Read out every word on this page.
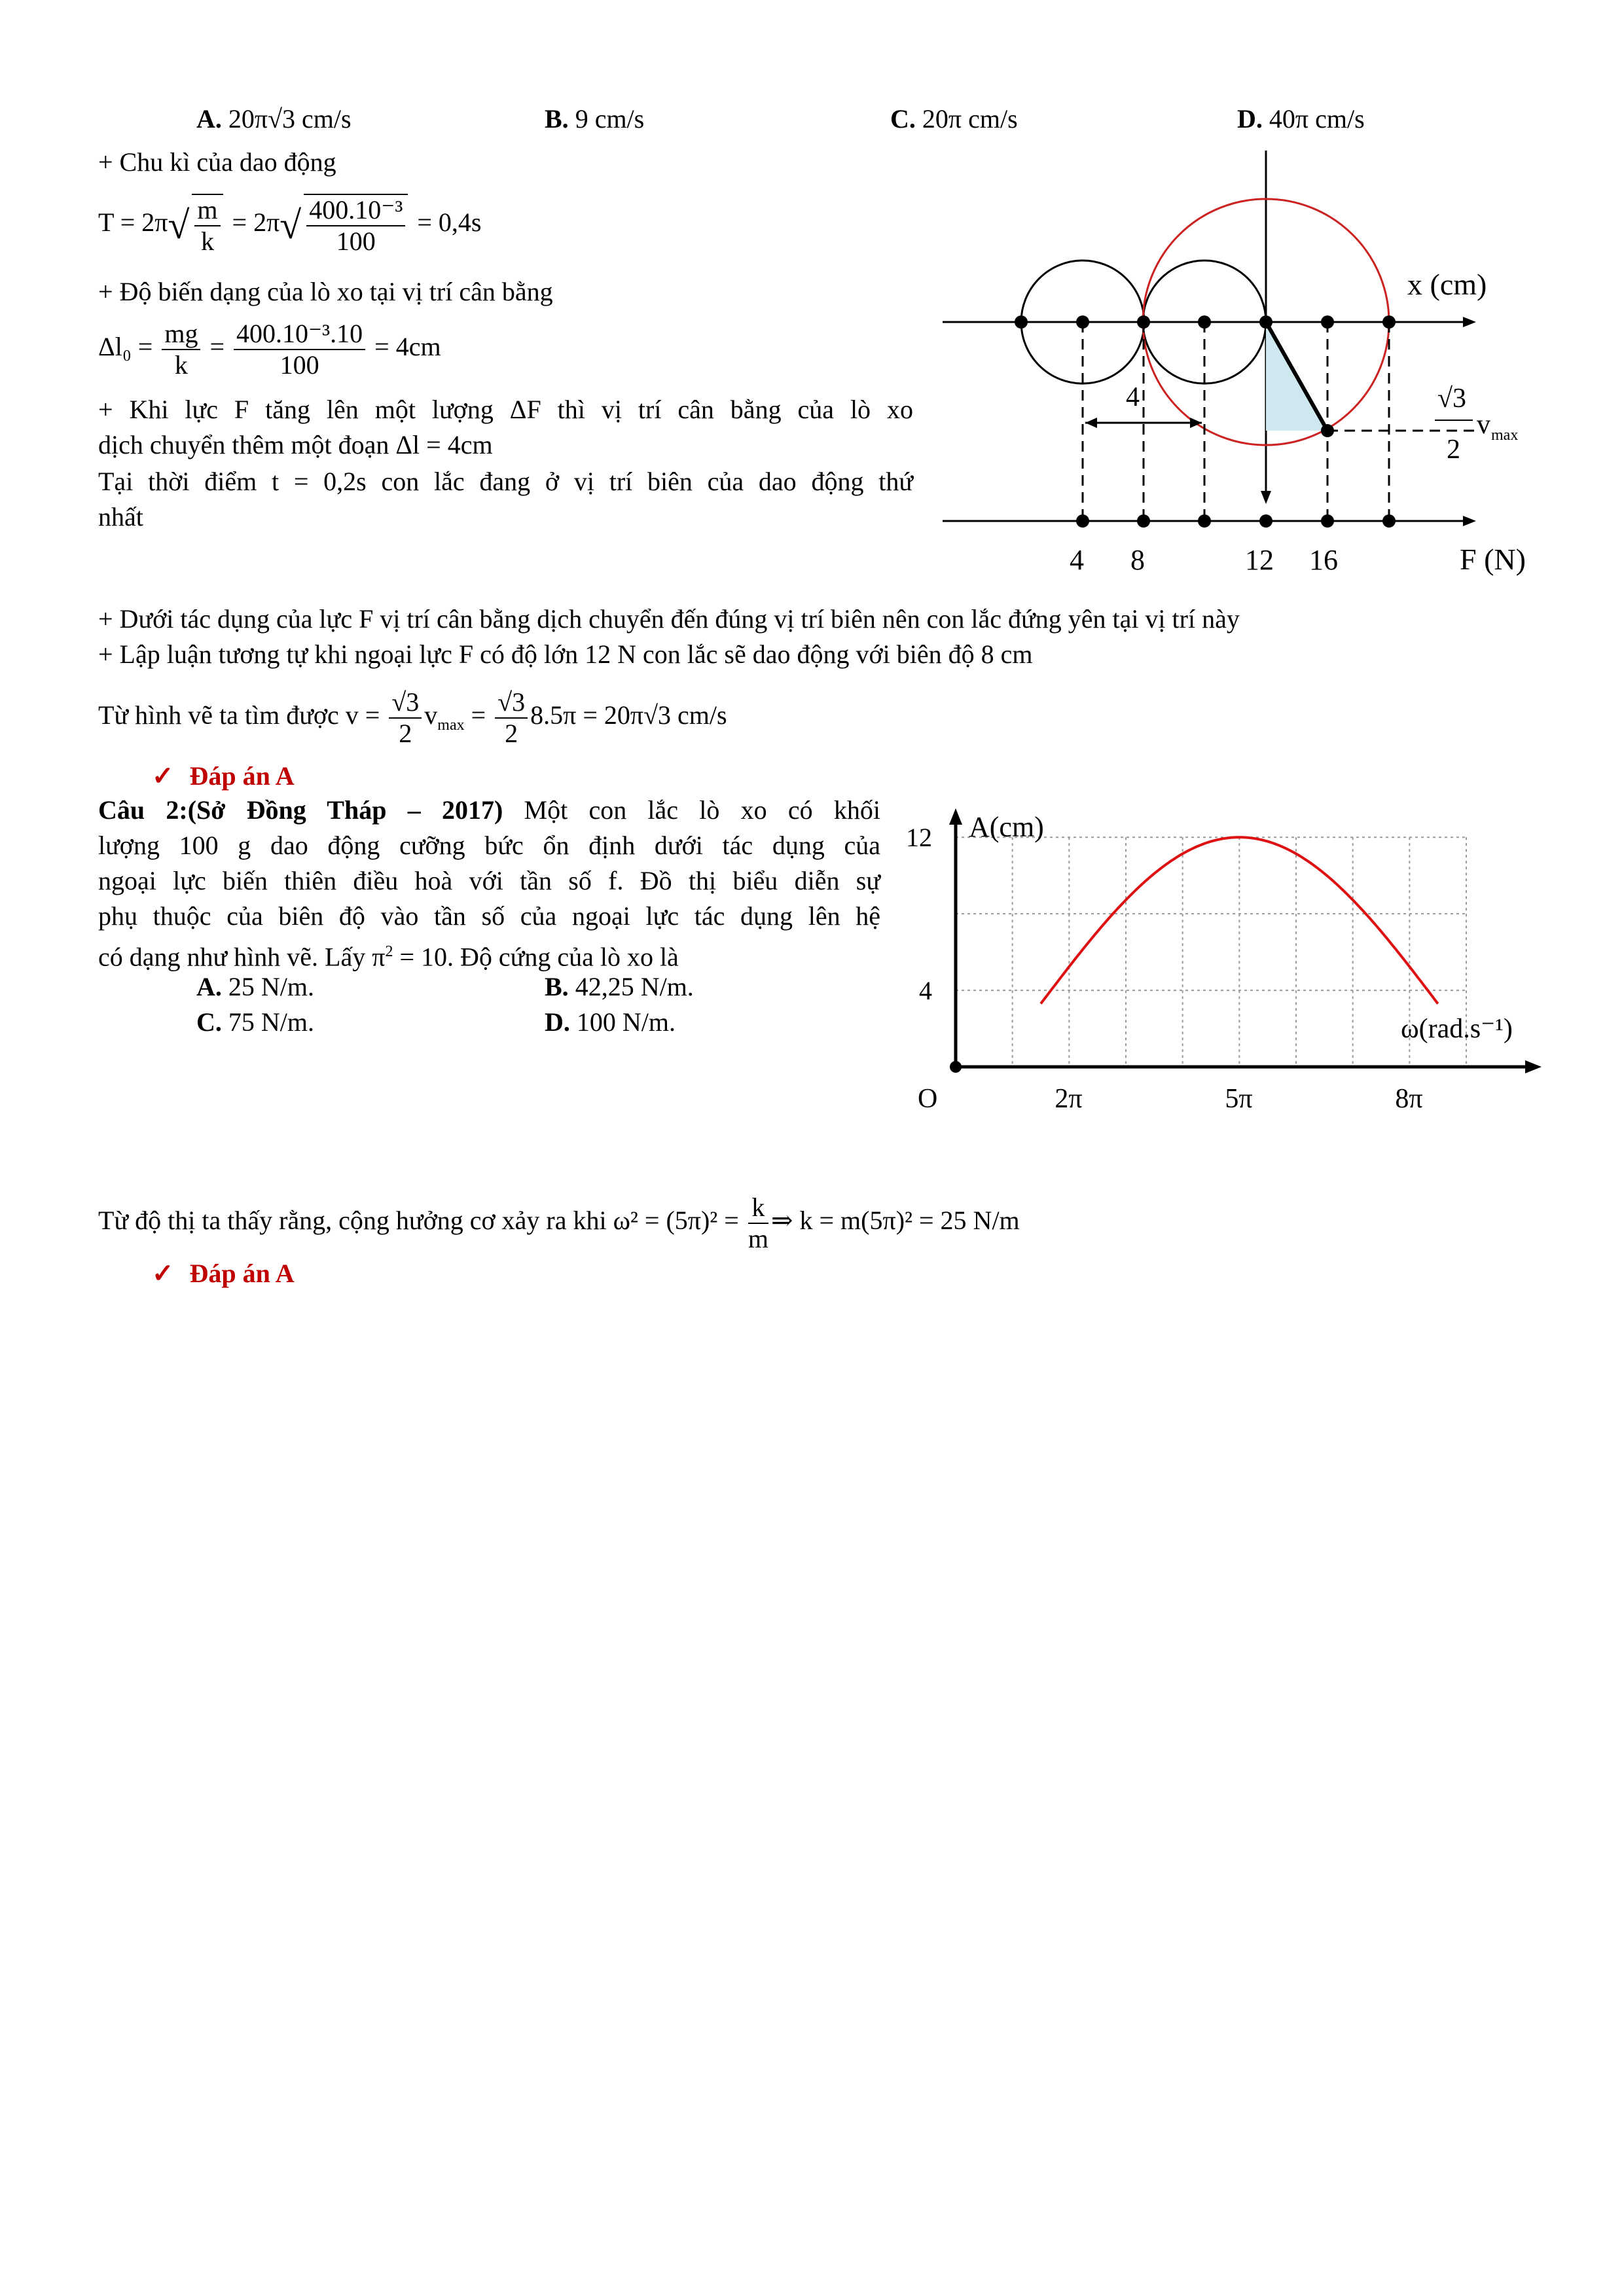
A. 20π√3 cm/s	B. 9 cm/s	C. 20π cm/s	D. 40π cm/s
+ Chu kì của dao động
$T = 2\pi√ \frac{m}{k} = 2\pi√ \frac{\text{400.10⁻³}}{100} = 0,4s$
+ Độ biến dạng của lò xo tại vị trí cân bằng
$\Delta l_0 = \frac{mg}{k} = \frac{\text{400.10⁻³.10}}{100} = 4cm$
+ Khi lực F tăng lên một lượng ΔF thì vị trí cân bằng của lò xo
dịch chuyển thêm một đoạn Δl = 4cm
Tại thời điểm t = 0,2s con lắc đang ở vị trí biên của dao động thứ
nhất
4
x (cm)
F (N)
4 8	12 16
√3
2
v max
+ Dưới tác dụng của lực F vị trí cân bằng dịch chuyển đến đúng vị trí biên nên con lắc đứng yên tại vị trí này
+ Lập luận tương tự khi ngoại lực F có độ lớn 12 N con lắc sẽ dao động với biên độ 8 cm
Từ hình vẽ ta tìm được $v = \frac{√3}{2} v_{max} = \frac{√3}{2} 8.5\pi = 20\pi√3$ cm/s
✓ Đáp án A
Câu 2:(Sở Đồng Tháp – 2017) Một con lắc lò xo có khối
lượng 100 g dao động cưỡng bức ổn định dưới tác dụng của
ngoại lực biến thiên điều hoà với tần số f. Đồ thị biểu diễn sự
phụ thuộc của biên độ vào tần số của ngoại lực tác dụng lên hệ
có dạng như hình vẽ. Lấy $\pi^2 = 10$. Độ cứng của lò xo là
A. 25 N/m.	B. 42,25 N/m.
C. 75 N/m.	D. 100 N/m.
A(cm)
ω(rad.s⁻¹)
O	2π	5π	8π
4
12
Từ độ thị ta thấy rằng, cộng hưởng cơ xảy ra khi $\omega^2 = (5\pi)^2 = \frac{k}{m}$ ⇒ k = m(5π)² = 25 N/m
✓ Đáp án A
